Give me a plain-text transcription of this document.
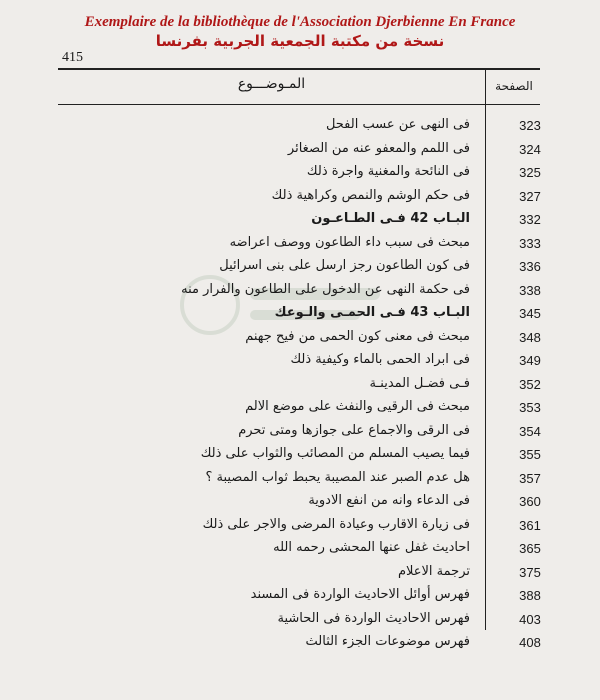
Exemplaire de la bibliothèque de l'Association Djerbienne En France
نسخة من مكتبة الجمعية الجربية بفرنسا
415
المـوضـــوع	الصفحة
323
فى النهى عن عسب الفحل
324
فى اللمم والمعفو عنه من الصغائر
325
فى النائحة والمغنية واجرة ذلك
327
فى حكم الوشم والنمص وكراهية ذلك
332
البـاب 42 فـى الطـاعـون
333
مبحث فى سبب داء الطاعون ووصف اعراضه
336
فى كون الطاعون رجز ارسل على بنى اسرائيل
338
فى حكمة النهى عن الدخول على الطاعون والفرار منه
345
البـاب 43 فـى الحمـى والـوعك
348
مبحث فى معنى كون الحمى من فيح جهنم
349
فى ابراد الحمى بالماء وكيفية ذلك
352
فـى فضـل المدينـة
353
مبحث فى الرقيى والنفث على موضع الالم
354
فى الرقى والاجماع على جوازها ومتى تحرم
355
فيما يصيب المسلم من المصائب والثواب على ذلك
357
هل عدم الصبر عند المصيبة يحبط ثواب المصيبة ؟
360
فى الدعاء وانه من انفع الادوية
361
فى زيارة الاقارب وعيادة المرضى والاجر على ذلك
365
احاديث غفل عنها المحشى رحمه الله
375
ترجمة الاعلام
388
فهرس أوائل الاحاديث الواردة فى المسند
403
فهرس الاحاديث الواردة فى الحاشية
408
فهرس موضوعات الجزء الثالث
